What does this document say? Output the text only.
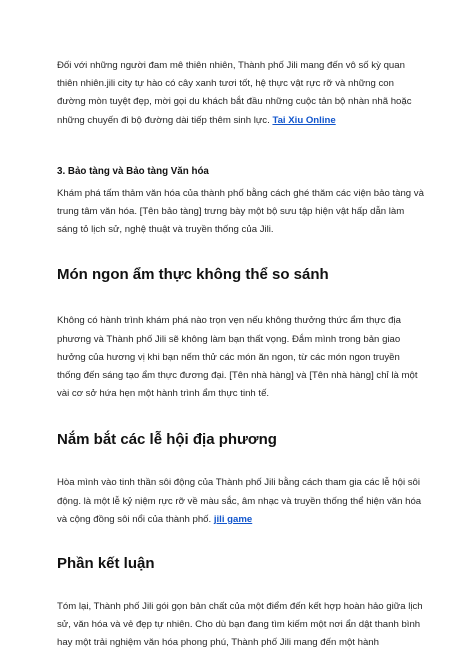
Đối với những người đam mê thiên nhiên, Thành phố Jili mang đến vô số kỳ quan thiên nhiên.jili city tự hào có cây xanh tươi tốt, hệ thực vật rực rỡ và những con đường mòn tuyệt đẹp, mời gọi du khách bắt đầu những cuộc tản bộ nhàn nhã hoặc những chuyến đi bộ đường dài tiếp thêm sinh lực. Tai Xiu Online

3. Bảo tàng và Bảo tàng Văn hóa

Khám phá tấm thảm văn hóa của thành phố bằng cách ghé thăm các viện bảo tàng và trung tâm văn hóa. [Tên bảo tàng] trưng bày một bộ sưu tập hiện vật hấp dẫn làm sáng tỏ lịch sử, nghệ thuật và truyền thống của Jili.

Món ngon ẩm thực không thể so sánh

Không có hành trình khám phá nào trọn vẹn nếu không thưởng thức ẩm thực địa phương và Thành phố Jili sẽ không làm bạn thất vọng. Đắm mình trong bản giao hưởng của hương vị khi bạn nếm thử các món ăn ngon, từ các món ngon truyền thống đến sáng tạo ẩm thực đương đại. [Tên nhà hàng] và [Tên nhà hàng] chỉ là một vài cơ sở hứa hẹn một hành trình ẩm thực tinh tế.

Nắm bắt các lễ hội địa phương

Hòa mình vào tinh thần sôi động của Thành phố Jili bằng cách tham gia các lễ hội sôi động. là một lễ kỷ niệm rực rỡ về màu sắc, âm nhạc và truyền thống thể hiện văn hóa và cộng đồng sôi nổi của thành phố. jili game

Phần kết luận

Tóm lại, Thành phố Jili gói gọn bản chất của một điểm đến kết hợp hoàn hảo giữa lịch sử, văn hóa và vẻ đẹp tự nhiên. Cho dù bạn đang tìm kiếm một nơi ẩn dật thanh bình hay một trải nghiệm văn hóa phong phú, Thành phố Jili mang đến một hành
